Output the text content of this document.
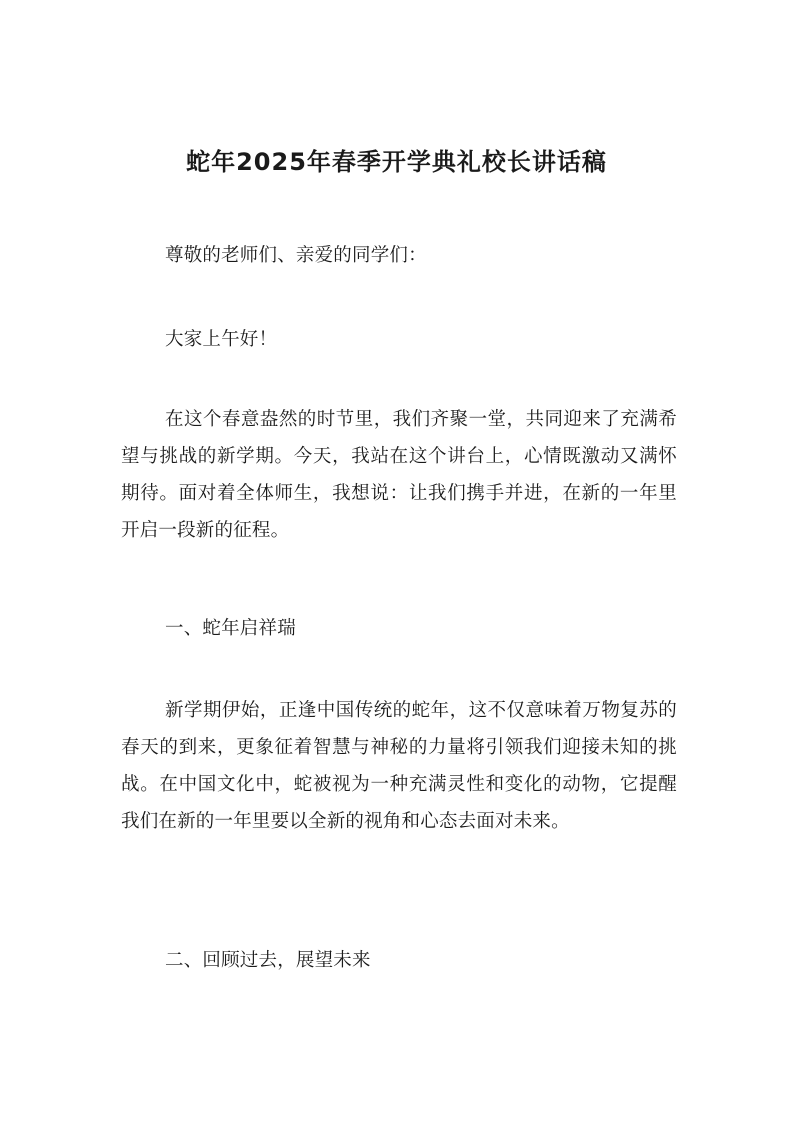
蛇年2025年春季开学典礼校长讲话稿

尊敬的老师们、亲爱的同学们：

大家上午好！

在这个春意盎然的时节里，我们齐聚一堂，共同迎来了充满希望与挑战的新学期。今天，我站在这个讲台上，心情既激动又满怀期待。面对着全体师生，我想说：让我们携手并进，在新的一年里开启一段新的征程。

一、蛇年启祥瑞

新学期伊始，正逢中国传统的蛇年，这不仅意味着万物复苏的春天的到来，更象征着智慧与神秘的力量将引领我们迎接未知的挑战。在中国文化中，蛇被视为一种充满灵性和变化的动物，它提醒我们在新的一年里要以全新的视角和心态去面对未来。

二、回顾过去，展望未来
